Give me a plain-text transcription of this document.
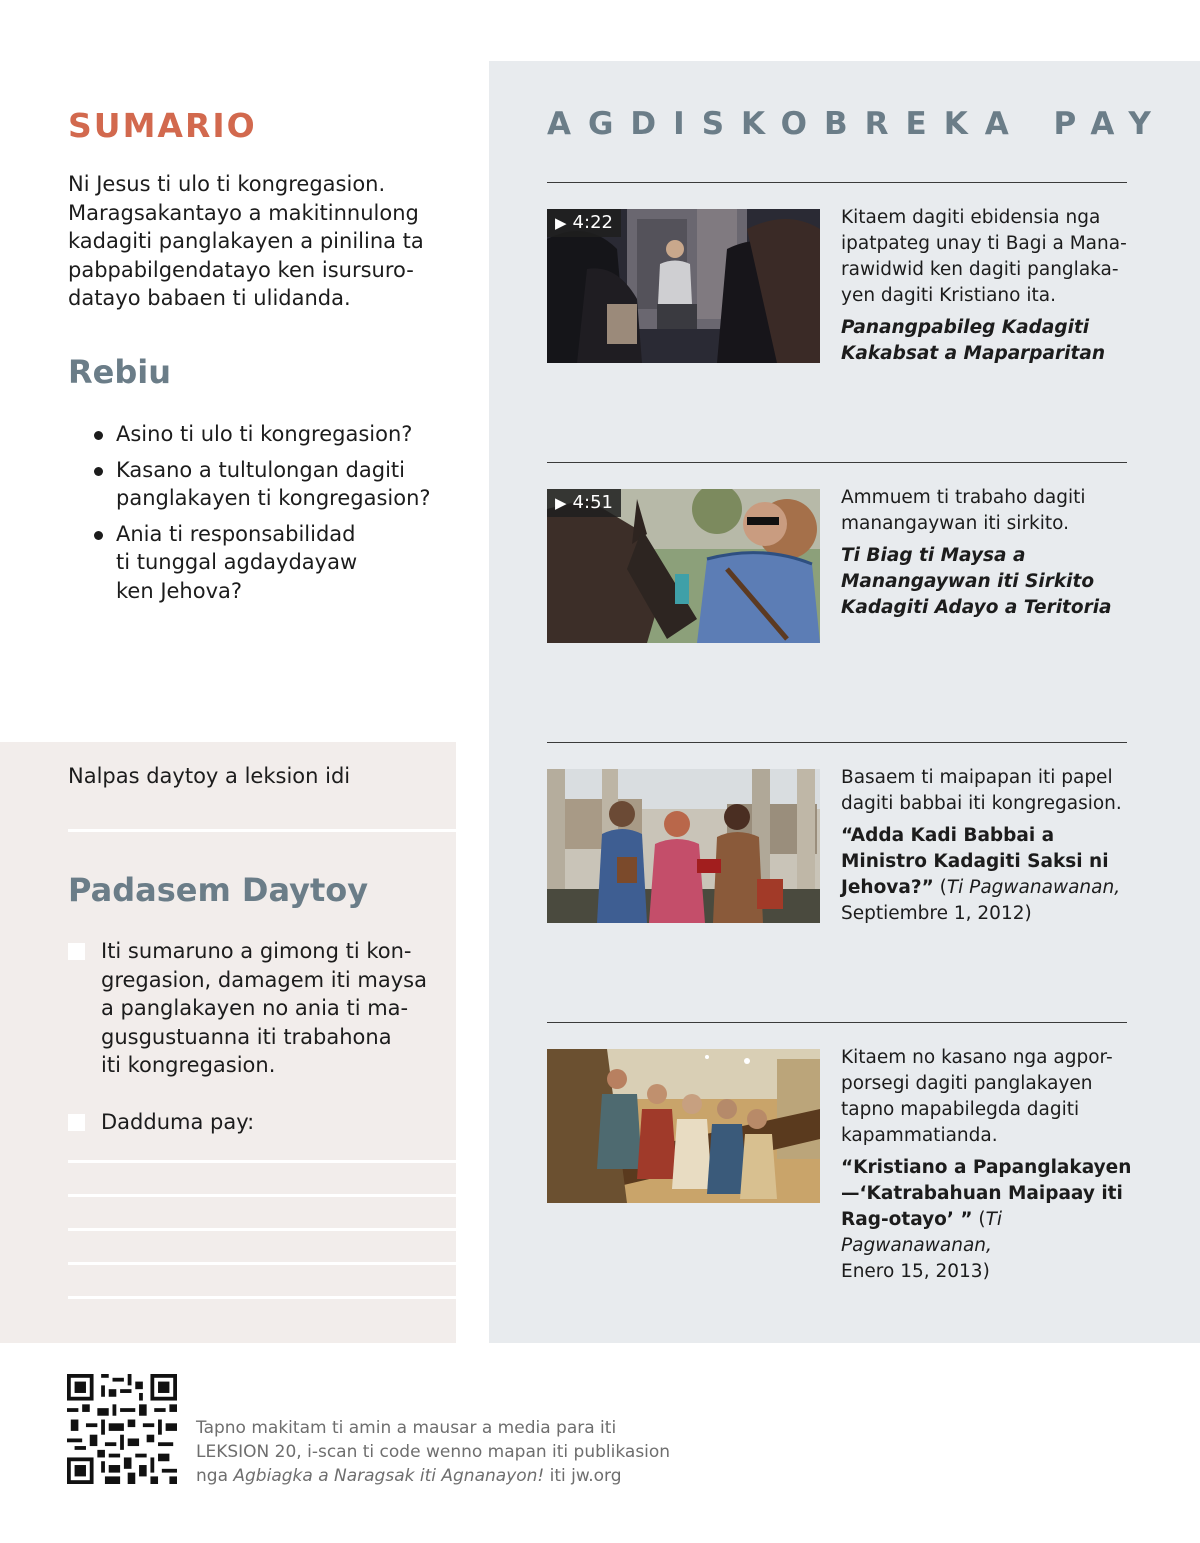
SUMARIO
Ni Jesus ti ulo ti kongregasion.
Maragsakantayo a makitinnulong
kadagiti panglakayen a pinilina ta
pabpabilgendatayo ken isursuro-
datayo babaen ti ulidanda.
Rebiu
Asino ti ulo ti kongregasion?
Kasano a tultulongan dagiti
panglakayen ti kongregasion?
Ania ti responsabilidad
ti tunggal agdaydayaw
ken Jehova?
Nalpas daytoy a leksion idi
Padasem Daytoy
Iti sumaruno a gimong ti kon-
gregasion, damagem iti maysa
a panglakayen no ania ti ma-
gusgustuanna iti trabahona
iti kongregasion.
Dadduma pay:
AGDISKOBREKA PAY
▶ 4:22	Kitaem dagiti ebidensia nga
ipatpateg unay ti Bagi a Mana-
rawidwid ken dagiti panglaka-
yen dagiti Kristiano ita.
Panangpabileg Kadagiti
Kakabsat a Maparparitan
▶ 4:51	Ammuem ti trabaho dagiti
manangaywan iti sirkito.
Ti Biag ti Maysa a
Manangaywan iti Sirkito
Kadagiti Adayo a Teritoria
Basaem ti maipapan iti papel
dagiti babbai iti kongregasion.
“Adda Kadi Babbai a
Ministro Kadagiti Saksi ni
Jehova?” (Ti Pagwanawanan,
Septiembre 1, 2012)
Kitaem no kasano nga agpor-
porsegi dagiti panglakayen
tapno mapabilegda dagiti
kapammatianda.
“Kristiano a Papanglakayen
—‘Katrabahuan Maipaay iti
Rag-otayo’ ” (Ti Pagwanawanan,
Enero 15, 2013)
Tapno makitam ti amin a mausar a media para iti
LEKSION 20, i-scan ti code wenno mapan iti publikasion
nga Agbiagka a Naragsak iti Agnanayon! iti jw.org
